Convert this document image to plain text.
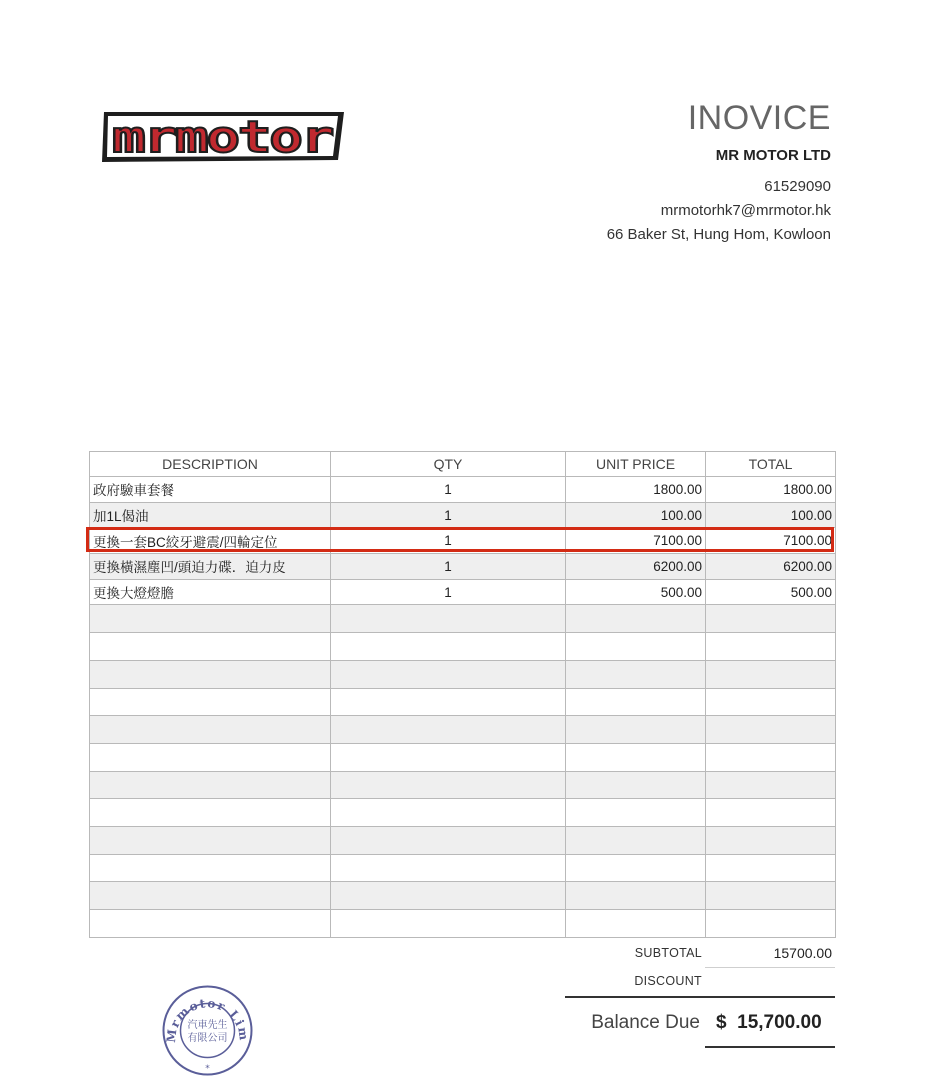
mrmotor	INOVICE
MR MOTOR LTD
61529090
mrmotorhk7@mrmotor.hk
66 Baker St, Hung Hom, Kowloon
DESCRIPTION	QTY	UNIT PRICE	TOTAL
政府驗車套餐	1	1800.00	1800.00
加1L偈油	1	100.00	100.00
更換一套BC絞牙避震/四輪定位	1	7100.00	7100.00
更換橫濕塵凹/頭迫力碟．迫力皮	1	6200.00	6200.00
更換大燈燈膽	1	500.00	500.00

SUBTOTAL	15700.00
DISCOUNT
Balance Due $  15,700.00
Mrmotor Lim
汽車先生
有限公司
*
